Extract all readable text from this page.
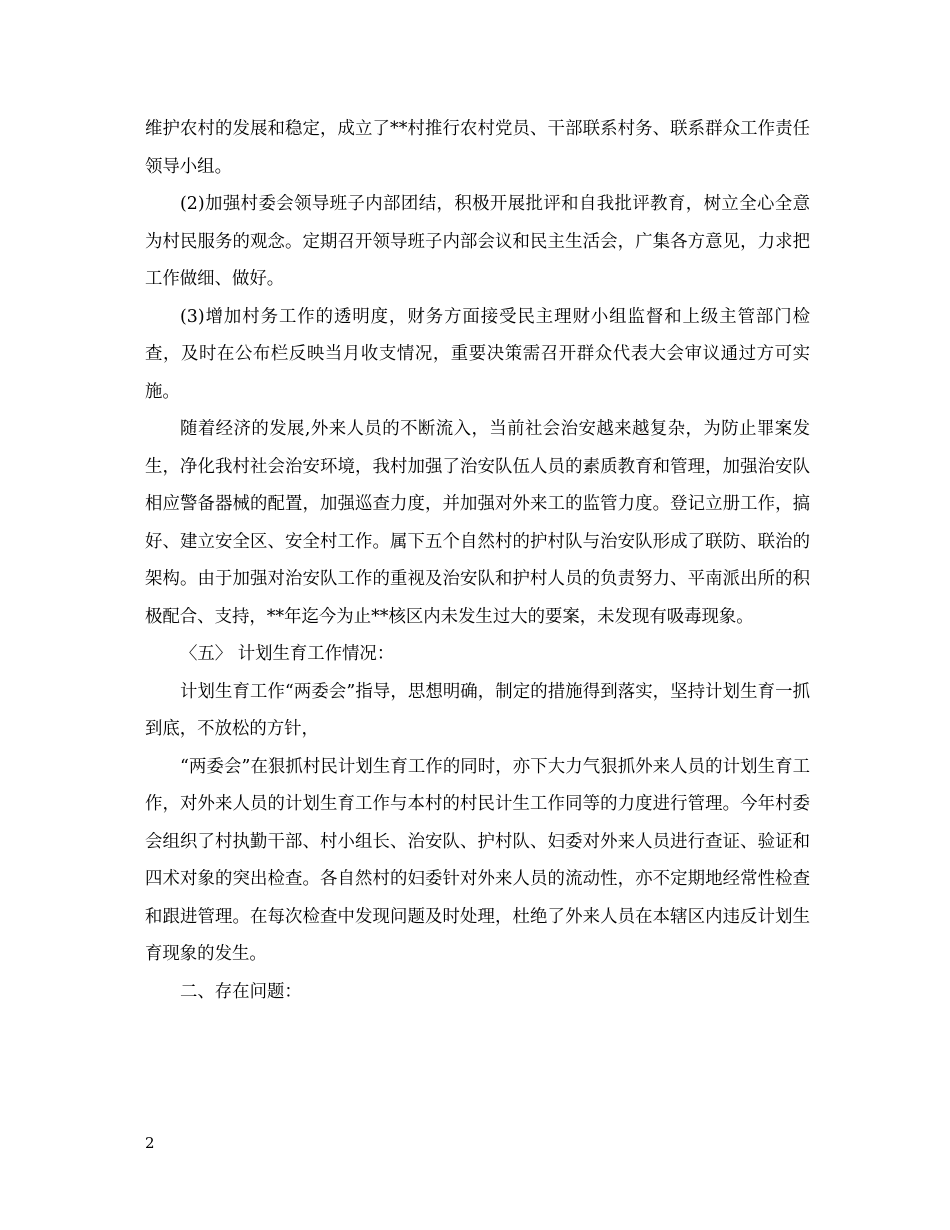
维护农村的发展和稳定，成立了**村推行农村党员、干部联系村务、联系群众工作责任领导小组。

(2)加强村委会领导班子内部团结，积极开展批评和自我批评教育，树立全心全意为村民服务的观念。定期召开领导班子内部会议和民主生活会，广集各方意见，力求把工作做细、做好。

(3)增加村务工作的透明度，财务方面接受民主理财小组监督和上级主管部门检查，及时在公布栏反映当月收支情况，重要决策需召开群众代表大会审议通过方可实施。

随着经济的发展,外来人员的不断流入，当前社会治安越来越复杂，为防止罪案发生，净化我村社会治安环境，我村加强了治安队伍人员的素质教育和管理，加强治安队相应警备器械的配置，加强巡查力度，并加强对外来工的监管力度。登记立册工作，搞好、建立安全区、安全村工作。属下五个自然村的护村队与治安队形成了联防、联治的架构。由于加强对治安队工作的重视及治安队和护村人员的负责努力、平南派出所的积极配合、支持，**年迄今为止**核区内未发生过大的要案，未发现有吸毒现象。

〈五〉 计划生育工作情况：

计划生育工作“两委会”指导，思想明确，制定的措施得到落实，坚持计划生育一抓到底，不放松的方针，

“两委会”在狠抓村民计划生育工作的同时，亦下大力气狠抓外来人员的计划生育工作，对外来人员的计划生育工作与本村的村民计生工作同等的力度进行管理。今年村委会组织了村执勤干部、村小组长、治安队、护村队、妇委对外来人员进行查证、验证和四术对象的突出检查。各自然村的妇委针对外来人员的流动性，亦不定期地经常性检查和跟进管理。在每次检查中发现问题及时处理，杜绝了外来人员在本辖区内违反计划生育现象的发生。

二、存在问题：

2
